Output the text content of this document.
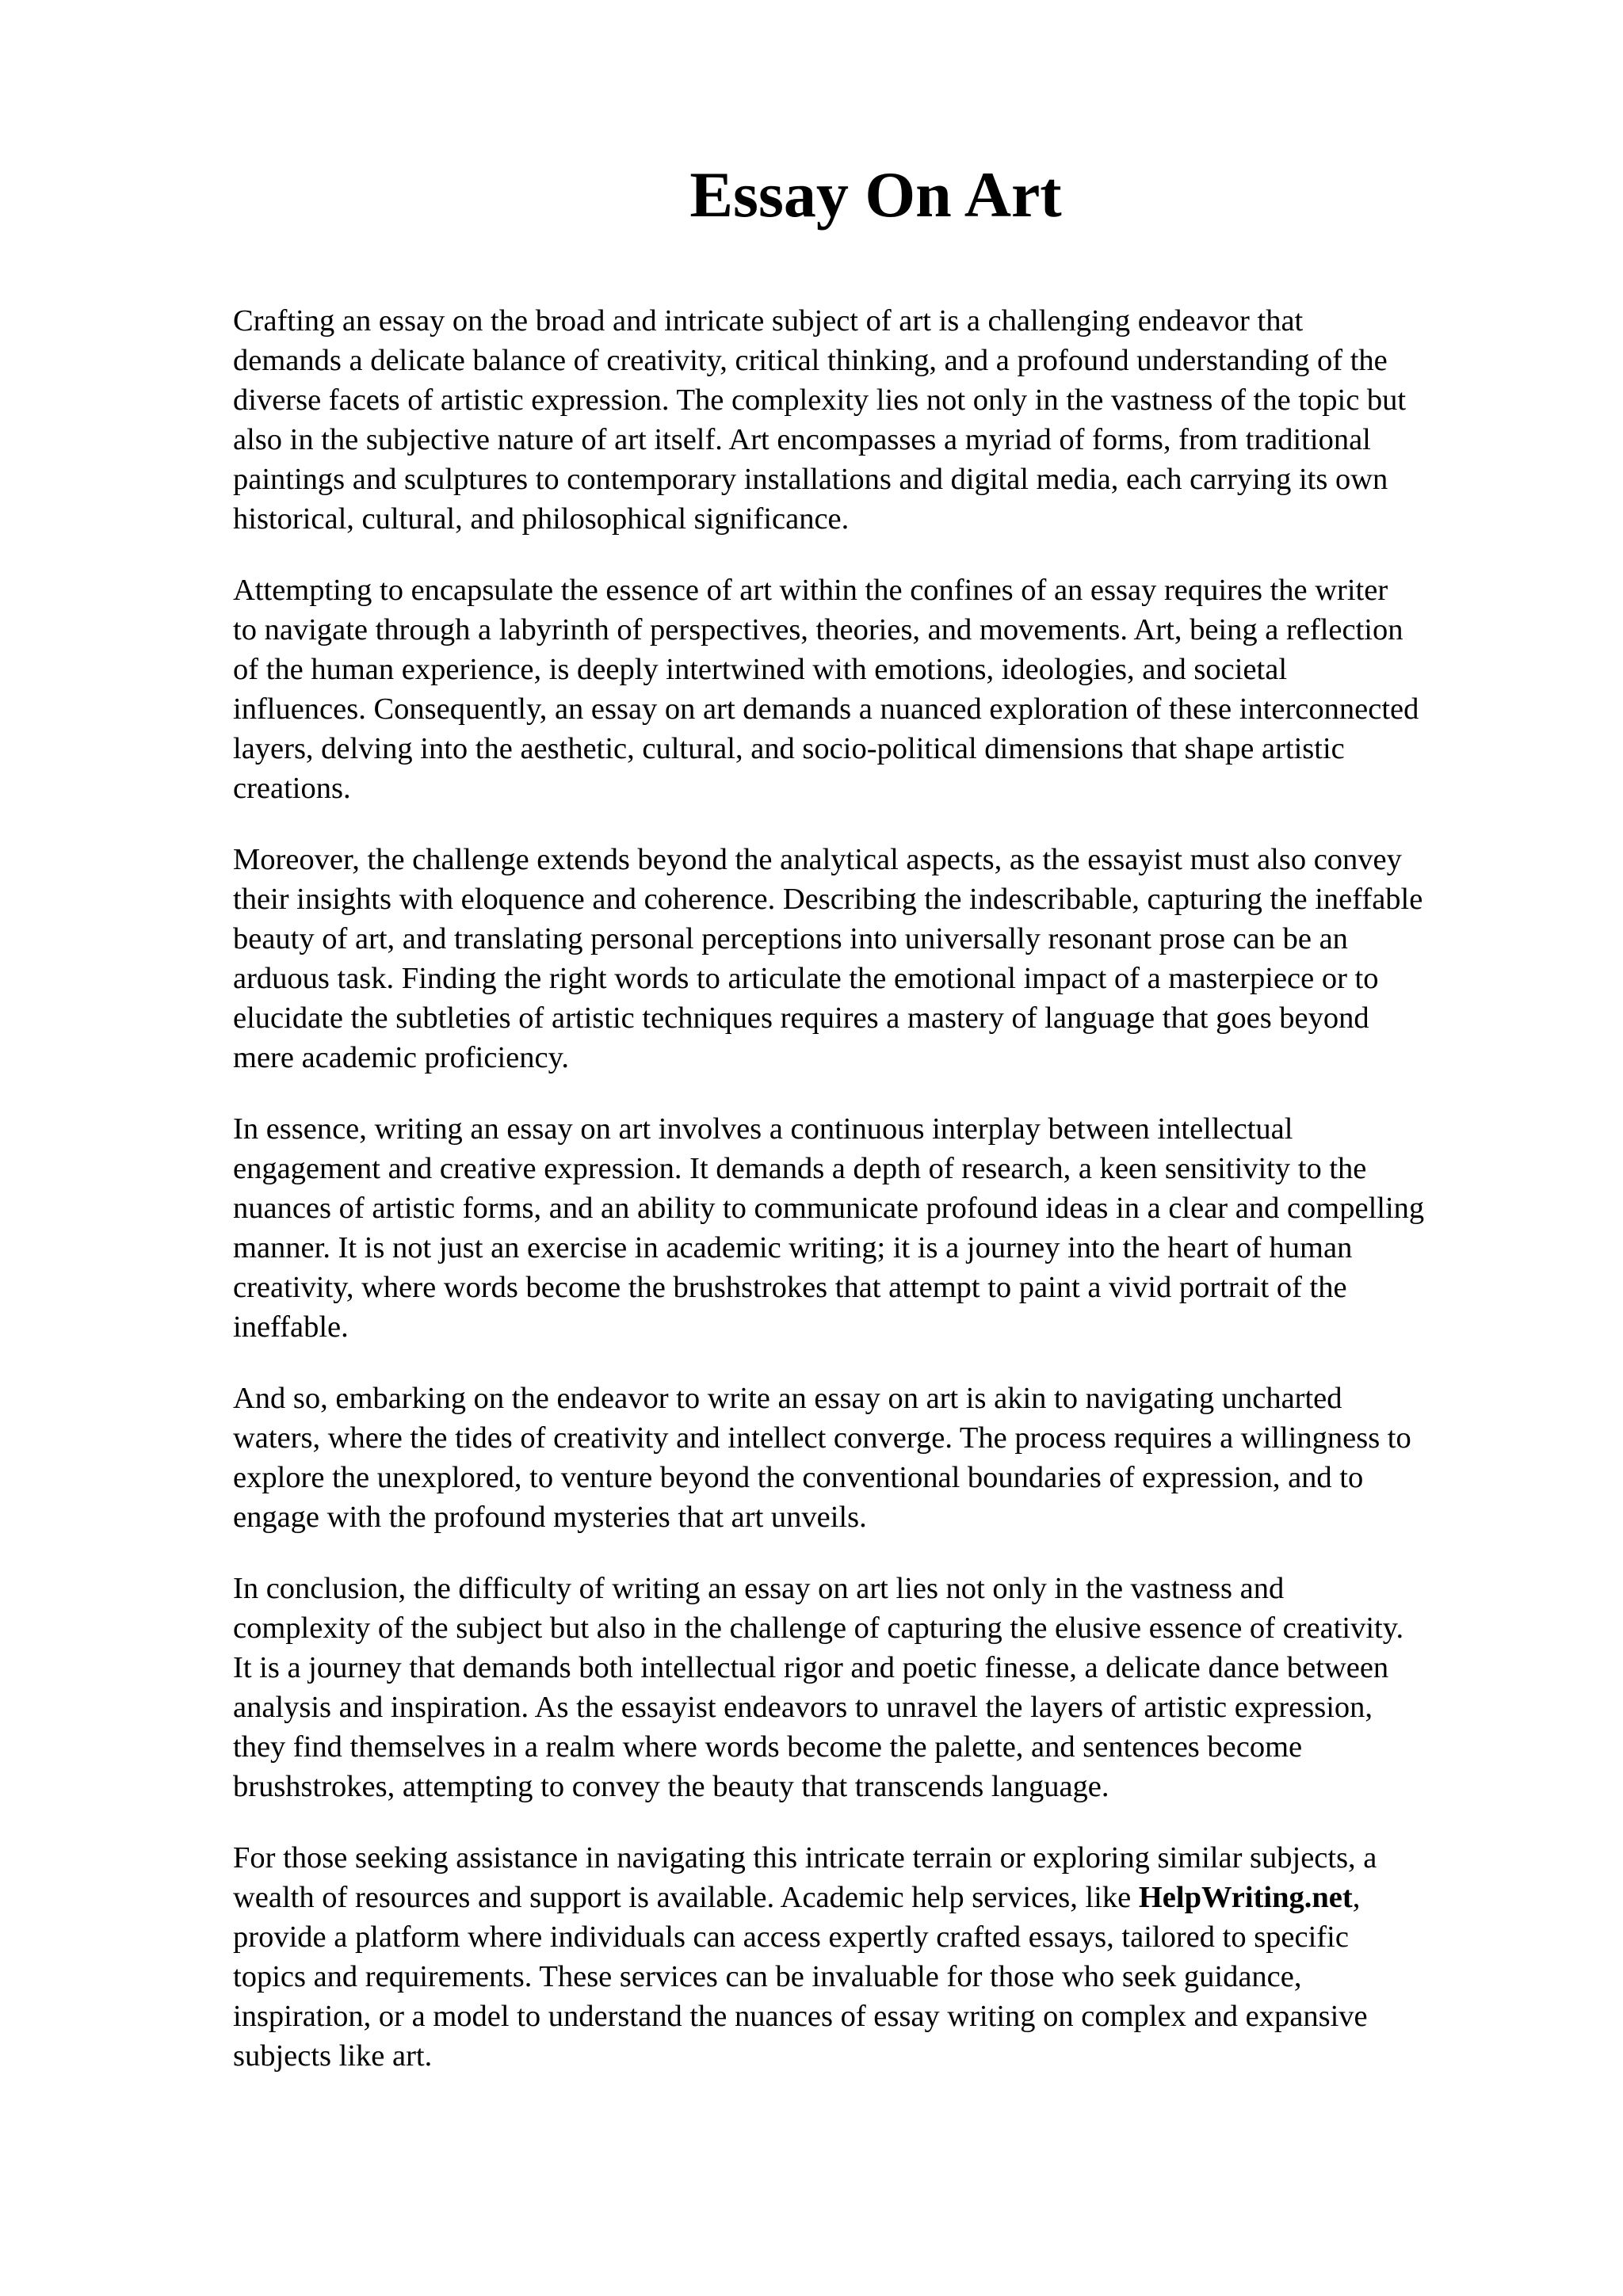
Essay On Art

Crafting an essay on the broad and intricate subject of art is a challenging endeavor that
demands a delicate balance of creativity, critical thinking, and a profound understanding of the
diverse facets of artistic expression. The complexity lies not only in the vastness of the topic but
also in the subjective nature of art itself. Art encompasses a myriad of forms, from traditional
paintings and sculptures to contemporary installations and digital media, each carrying its own
historical, cultural, and philosophical significance.

Attempting to encapsulate the essence of art within the confines of an essay requires the writer
to navigate through a labyrinth of perspectives, theories, and movements. Art, being a reflection
of the human experience, is deeply intertwined with emotions, ideologies, and societal
influences. Consequently, an essay on art demands a nuanced exploration of these interconnected
layers, delving into the aesthetic, cultural, and socio-political dimensions that shape artistic
creations.

Moreover, the challenge extends beyond the analytical aspects, as the essayist must also convey
their insights with eloquence and coherence. Describing the indescribable, capturing the ineffable
beauty of art, and translating personal perceptions into universally resonant prose can be an
arduous task. Finding the right words to articulate the emotional impact of a masterpiece or to
elucidate the subtleties of artistic techniques requires a mastery of language that goes beyond
mere academic proficiency.

In essence, writing an essay on art involves a continuous interplay between intellectual
engagement and creative expression. It demands a depth of research, a keen sensitivity to the
nuances of artistic forms, and an ability to communicate profound ideas in a clear and compelling
manner. It is not just an exercise in academic writing; it is a journey into the heart of human
creativity, where words become the brushstrokes that attempt to paint a vivid portrait of the
ineffable.

And so, embarking on the endeavor to write an essay on art is akin to navigating uncharted
waters, where the tides of creativity and intellect converge. The process requires a willingness to
explore the unexplored, to venture beyond the conventional boundaries of expression, and to
engage with the profound mysteries that art unveils.

In conclusion, the difficulty of writing an essay on art lies not only in the vastness and
complexity of the subject but also in the challenge of capturing the elusive essence of creativity.
It is a journey that demands both intellectual rigor and poetic finesse, a delicate dance between
analysis and inspiration. As the essayist endeavors to unravel the layers of artistic expression,
they find themselves in a realm where words become the palette, and sentences become
brushstrokes, attempting to convey the beauty that transcends language.

For those seeking assistance in navigating this intricate terrain or exploring similar subjects, a
wealth of resources and support is available. Academic help services, like HelpWriting.net,
provide a platform where individuals can access expertly crafted essays, tailored to specific
topics and requirements. These services can be invaluable for those who seek guidance,
inspiration, or a model to understand the nuances of essay writing on complex and expansive
subjects like art.
